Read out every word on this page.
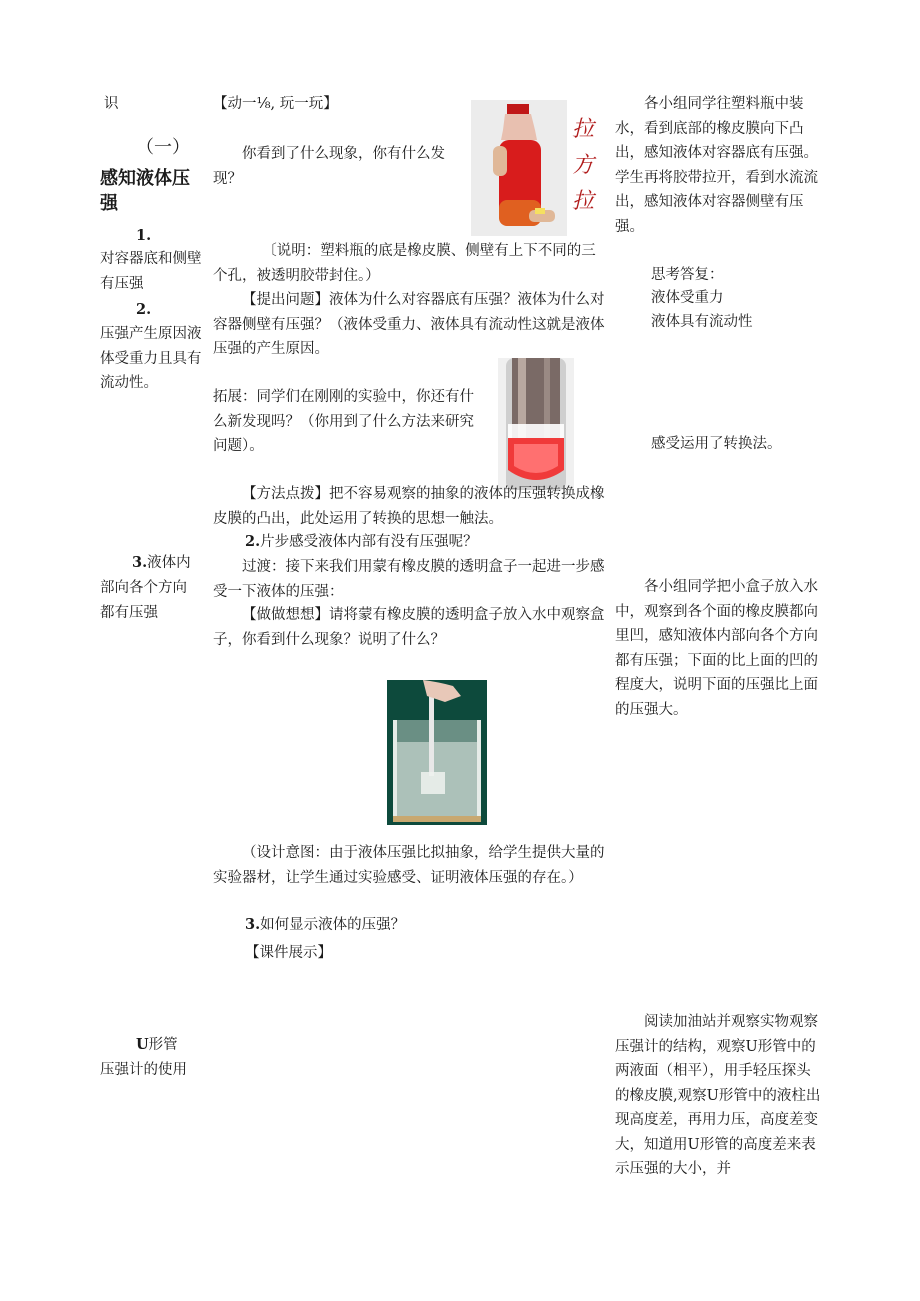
识
（一）
感知液体压强
1.
对容器底和侧壁有压强
2.
压强产生原因液体受重力且具有流动性。
3.液体内
部向各个方向
都有压强
U形管
压强计的使用
【动一⅛, 玩一玩】
拉 方 拉
你看到了什么现象，你有什么发现？
〔说明：塑料瓶的底是橡皮膜、侧壁有上下不同的三个孔，被透明胶带封住。）
【提出问题】液体为什么对容器底有压强？液体为什么对容器侧壁有压强？（液体受重力、液体具有流动性这就是液体压强的产生原因。
拓展：同学们在刚刚的实验中，你还有什么新发现吗？（你用到了什么方法来研究问题）。
【方法点拨】把不容易观察的抽象的液体的压强转换成橡皮膜的凸出，此处运用了转换的思想一触法。
2.片步感受液体内部有没有压强呢？
过渡：接下来我们用蒙有橡皮膜的透明盒子一起进一步感受一下液体的压强：
【做做想想】请将蒙有橡皮膜的透明盒子放入水中观察盒子，你看到什么现象？说明了什么？
（设计意图：由于液体压强比拟抽象，给学生提供大量的实验器材，让学生通过实验感受、证明液体压强的存在。）
3.如何显示液体的压强？
【课件展示】
各小组同学往塑料瓶中装水，看到底部的橡皮膜向下凸出，感知液体对容器底有压强。学生再将胶带拉开，看到水流流出，感知液体对容器侧壁有压强。
思考答复：
液体受重力
液体具有流动性
感受运用了转换法。
各小组同学把小盒子放入水中，观察到各个面的橡皮膜都向里凹，感知液体内部向各个方向都有压强；下面的比上面的凹的程度大，说明下面的压强比上面的压强大。
阅读加油站并观察实物观察压强计的结构，观察U形管中的两液面（相平），用手轻压探头的橡皮膜,观察U形管中的液柱出现高度差，再用力压，高度差变大，知道用U形管的高度差来表示压强的大小，并
